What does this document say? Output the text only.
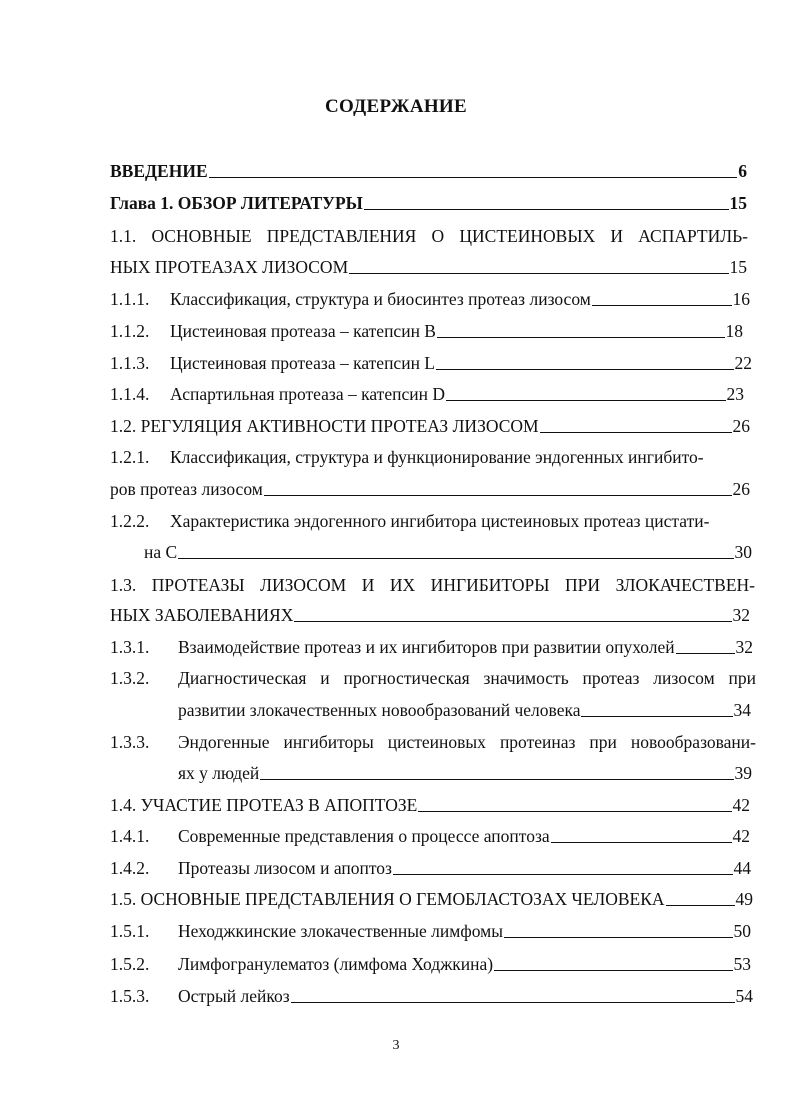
СОДЕРЖАНИЕ
ВВЕДЕНИЕ	6
Глава 1. ОБЗОР ЛИТЕРАТУРЫ	15
1.1. ОСНОВНЫЕ ПРЕДСТАВЛЕНИЯ О ЦИСТЕИНОВЫХ И АСПАРТИЛЬ-
НЫХ ПРОТЕАЗАХ ЛИЗОСОМ	15
1.1.1.	Классификация, структура и биосинтез протеаз лизосом	16
1.1.2.	Цистеиновая протеаза – катепсин B	18
1.1.3.	Цистеиновая протеаза – катепсин L	22
1.1.4.	Аспартильная протеаза – катепсин D	23
1.2. РЕГУЛЯЦИЯ АКТИВНОСТИ ПРОТЕАЗ ЛИЗОСОМ	26
1.2.1.	Классификация, структура и функционирование эндогенных ингибито-
ров протеаз лизосом	26
1.2.2.	Характеристика эндогенного ингибитора цистеиновых протеаз цистати-
на С	30
1.3. ПРОТЕАЗЫ ЛИЗОСОМ И ИХ ИНГИБИТОРЫ ПРИ ЗЛОКАЧЕСТВЕН-
НЫХ ЗАБОЛЕВАНИЯХ	32
1.3.1.	Взаимодействие протеаз и их ингибиторов при развитии опухолей	32
1.3.2.	Диагностическая и прогностическая значимость протеаз лизосом при
развитии злокачественных новообразований человека	34
1.3.3.	Эндогенные ингибиторы цистеиновых протеиназ при новообразовани-
ях у людей	39
1.4. УЧАСТИЕ ПРОТЕАЗ В АПОПТОЗЕ	42
1.4.1.	Современные представления о процессе апоптоза	42
1.4.2.	Протеазы лизосом и апоптоз	44
1.5. ОСНОВНЫЕ ПРЕДСТАВЛЕНИЯ О ГЕМОБЛАСТОЗАХ ЧЕЛОВЕКА	49
1.5.1.	Неходжкинские злокачественные лимфомы	50
1.5.2.	Лимфогранулематоз (лимфома Ходжкина)	53
1.5.3.	Острый лейкоз	54
3
